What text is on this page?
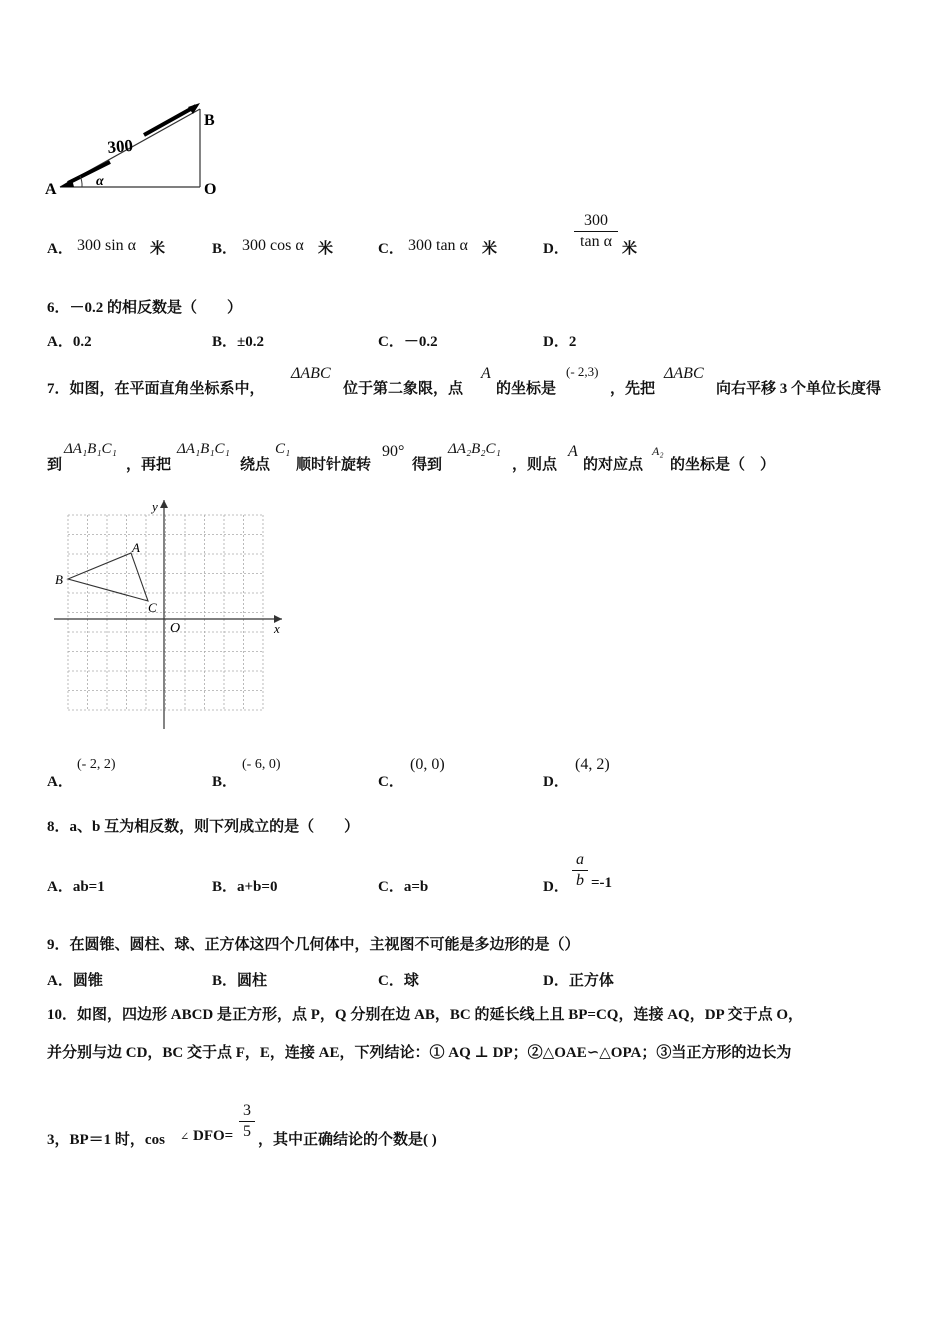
A
B
O
300
α
A． 300 sin α 米	B． 300 cos α 米	C． 300 tan α 米	D． $\frac{300}{\text{tan α}}$ 米
6．－0.2 的相反数是（　　）
A．0.2	B．±0.2	C．－0.2	D．2
7．如图，在平面直角坐标系中，
ΔABC
位于第二象限，点
A
的坐标是
(- 2,3)
，先把
ΔABC
向右平移 3 个单位长度得
到
ΔA₁B₁C₁
，再把
ΔA₁B₁C₁
绕点
C₁
顺时针旋转
90°
得到
ΔA₂B₂C₁
，则点
A
的对应点
A₂
的坐标是（　）
x
y
O
A
B
C
A．
(- 2, 2)
B．
(- 6, 0)
C．
(0, 0)
D．
(4, 2)
8．a、b 互为相反数，则下列成立的是（　　）
A．ab=1	B．a+b=0	C．a=b	D． $\frac{a}{b} =-1$
9．在圆锥、圆柱、球、正方体这四个几何体中，主视图不可能是多边形的是（）
A．圆锥	B．圆柱	C．球	D．正方体
10．如图，四边形 ABCD 是正方形，点 P，Q 分别在边 AB，BC 的延长线上且 BP=CQ，连接 AQ，DP 交于点 O，
并分别与边 CD，BC 交于点 F，E，连接 AE，下列结论：① AQ ⊥ DP；②△OAE∽△OPA；③当正方形的边长为
3，BP＝1 时，cos ∠ $DFO= \frac{3}{5}$ ，其中正确结论的个数是( )
